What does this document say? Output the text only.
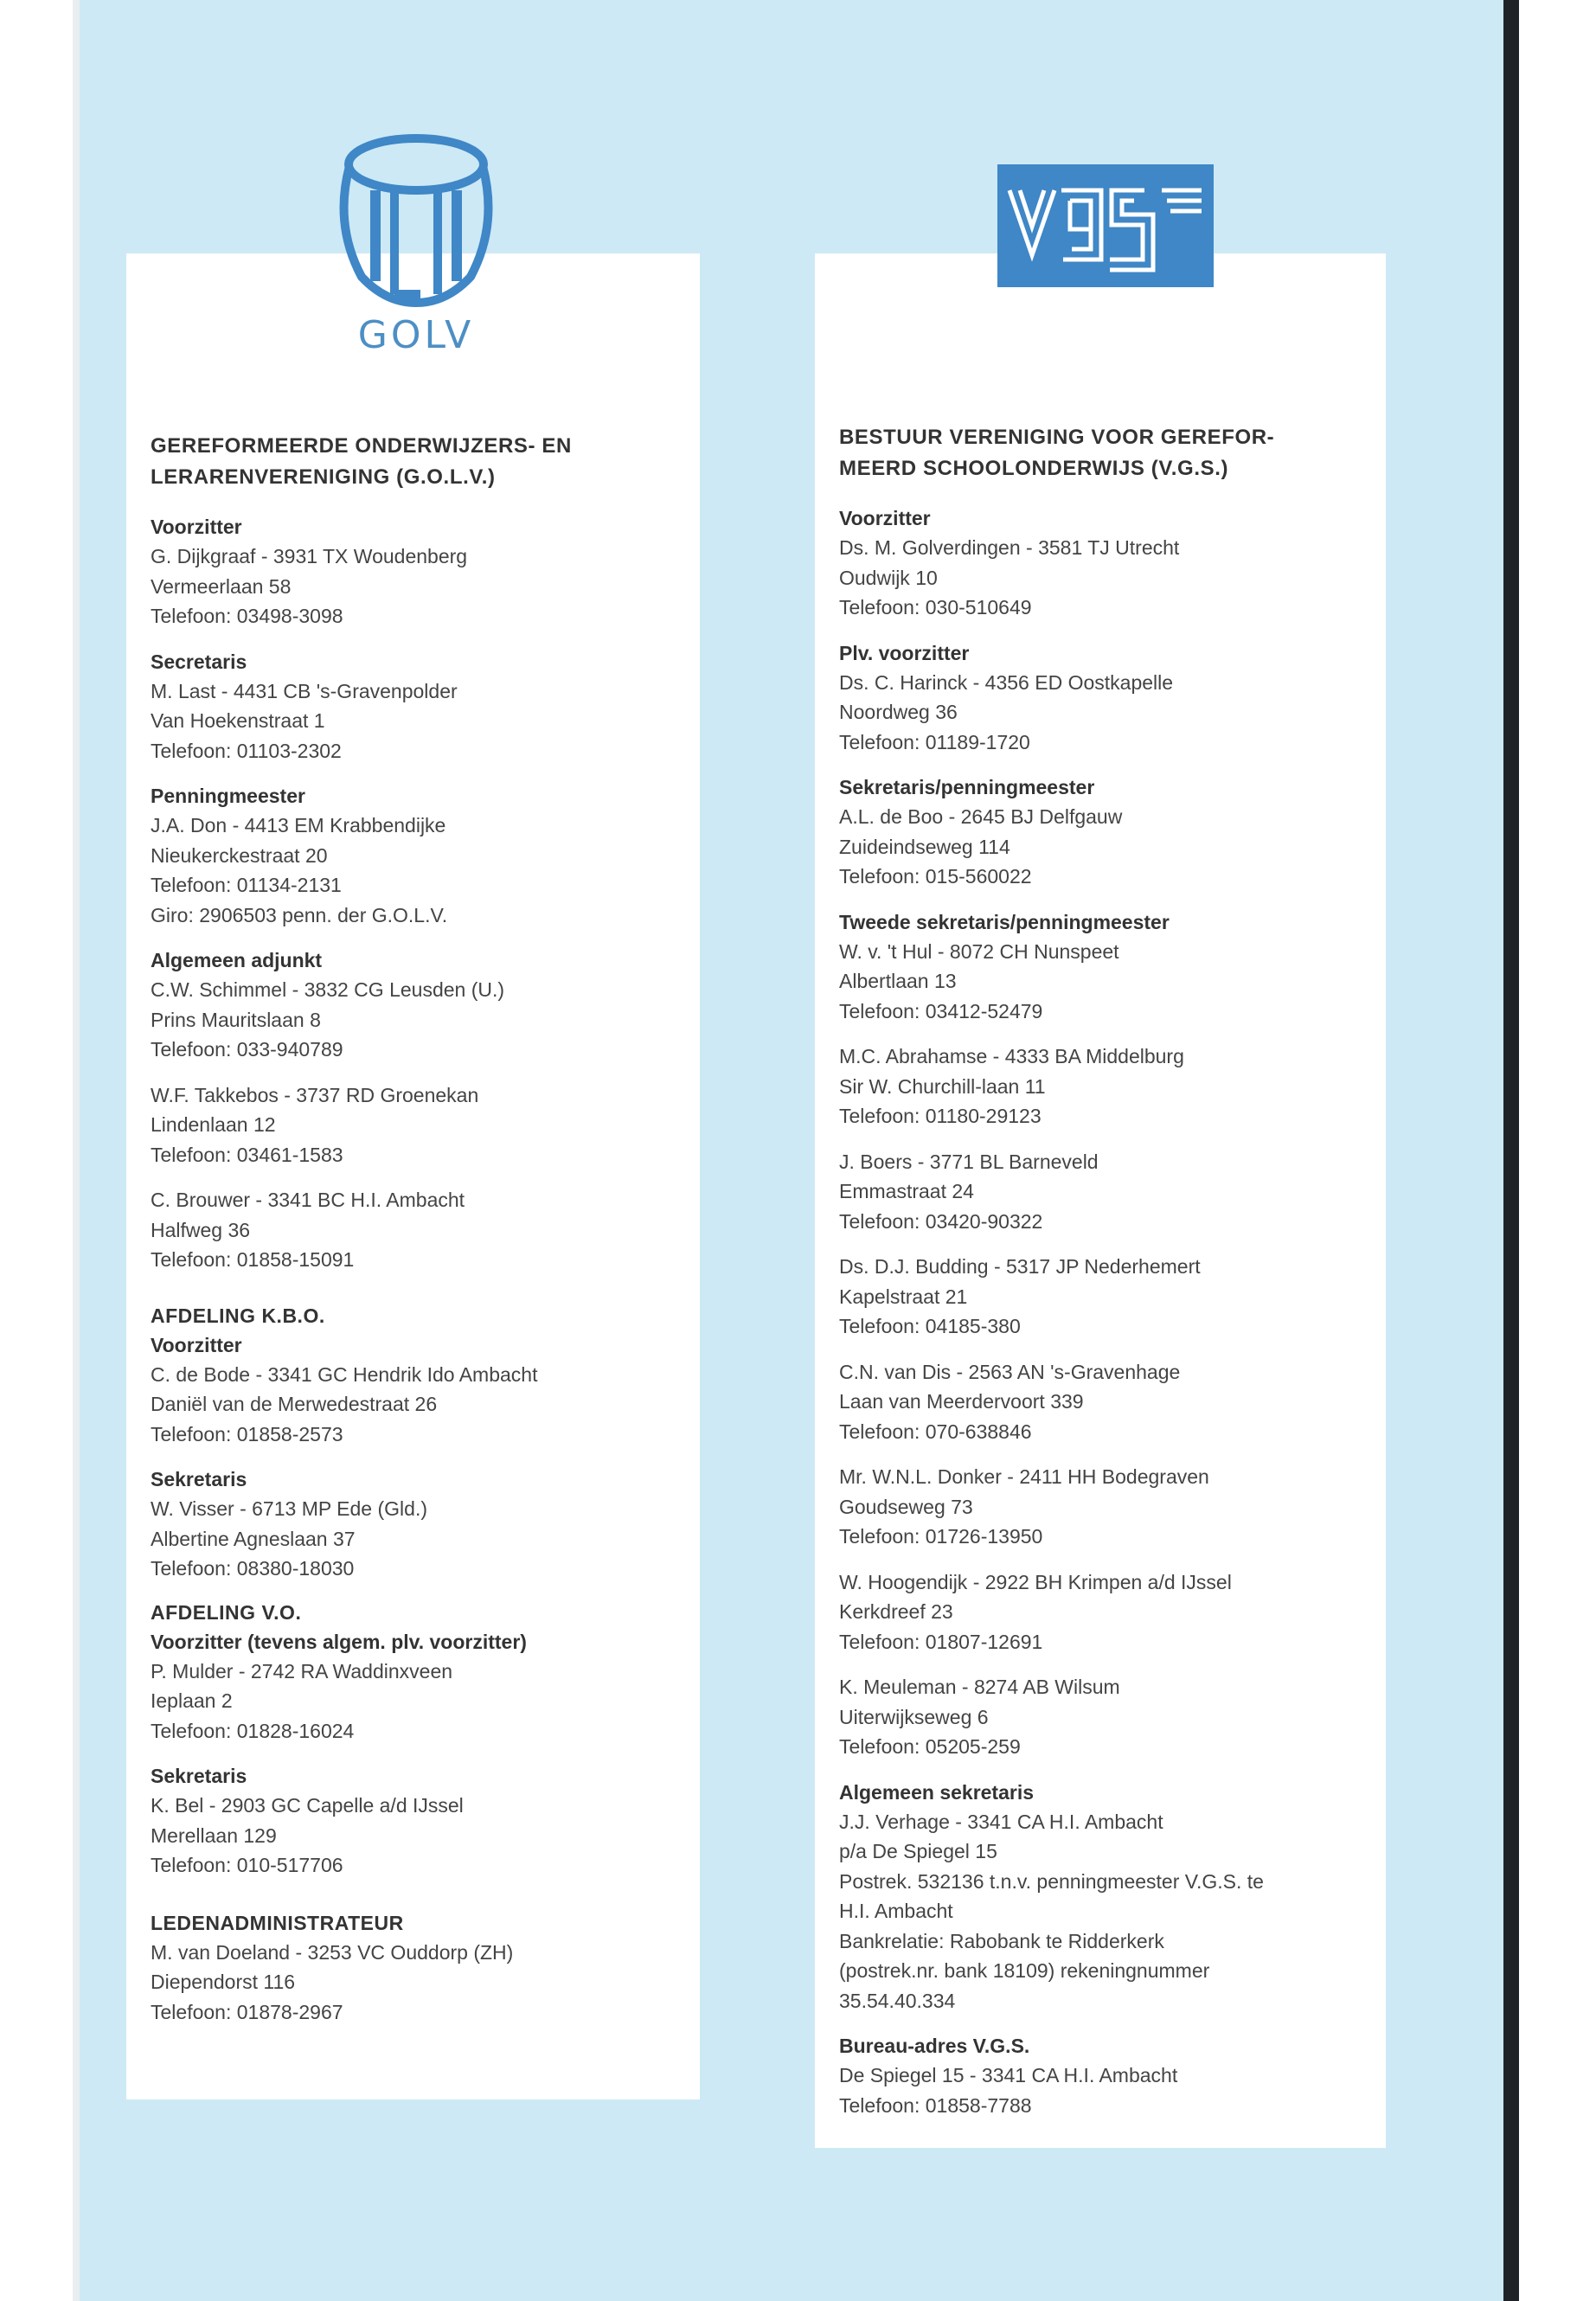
GEREFORMEERDE ONDERWIJZERS- EN

LERARENVERENIGING (G.O.L.V.)

Voorzitter
G. Dijkgraaf - 3931 TX Woudenberg
Vermeerlaan 58
Telefoon: 03498-3098
Secretaris
M. Last - 4431 CB 's-Gravenpolder
Van Hoekenstraat 1
Telefoon: 01103-2302
Penningmeester
J.A. Don - 4413 EM Krabbendijke
Nieukerckestraat 20
Telefoon: 01134-2131
Giro: 2906503 penn. der G.O.L.V.
Algemeen adjunkt
C.W. Schimmel - 3832 CG Leusden (U.)
Prins Mauritslaan 8
Telefoon: 033-940789
W.F. Takkebos - 3737 RD Groenekan
Lindenlaan 12
Telefoon: 03461-1583
C. Brouwer - 3341 BC H.I. Ambacht
Halfweg 36
Telefoon: 01858-15091
AFDELING K.B.O.
Voorzitter
C. de Bode - 3341 GC Hendrik Ido Ambacht
Daniël van de Merwedestraat 26
Telefoon: 01858-2573
Sekretaris
W. Visser - 6713 MP Ede (Gld.)
Albertine Agneslaan 37
Telefoon: 08380-18030
AFDELING V.O.
Voorzitter (tevens algem. plv. voorzitter)
P. Mulder - 2742 RA Waddinxveen
Ieplaan 2
Telefoon: 01828-16024
Sekretaris
K. Bel - 2903 GC Capelle a/d IJssel
Merellaan 129
Telefoon: 010-517706
LEDENADMINISTRATEUR
M. van Doeland - 3253 VC Ouddorp (ZH)
Diependorst 116
Telefoon: 01878-2967

BESTUUR VERENIGING VOOR GEREFOR-

MEERD SCHOOLONDERWIJS (V.G.S.)

Voorzitter
Ds. M. Golverdingen - 3581 TJ Utrecht
Oudwijk 10
Telefoon: 030-510649
Plv. voorzitter
Ds. C. Harinck - 4356 ED Oostkapelle
Noordweg 36
Telefoon: 01189-1720
Sekretaris/penningmeester
A.L. de Boo - 2645 BJ Delfgauw
Zuideindseweg 114
Telefoon: 015-560022
Tweede sekretaris/penningmeester
W. v. 't Hul - 8072 CH Nunspeet
Albertlaan 13
Telefoon: 03412-52479
M.C. Abrahamse - 4333 BA Middelburg
Sir W. Churchill-laan 11
Telefoon: 01180-29123
J. Boers - 3771 BL Barneveld
Emmastraat 24
Telefoon: 03420-90322
Ds. D.J. Budding - 5317 JP Nederhemert
Kapelstraat 21
Telefoon: 04185-380
C.N. van Dis - 2563 AN 's-Gravenhage
Laan van Meerdervoort 339
Telefoon: 070-638846
Mr. W.N.L. Donker - 2411 HH Bodegraven
Goudseweg 73
Telefoon: 01726-13950
W. Hoogendijk - 2922 BH Krimpen a/d IJssel
Kerkdreef 23
Telefoon: 01807-12691
K. Meuleman - 8274 AB Wilsum
Uiterwijkseweg 6
Telefoon: 05205-259
Algemeen sekretaris
J.J. Verhage - 3341 CA H.I. Ambacht
p/a De Spiegel 15
Postrek. 532136 t.n.v. penningmeester V.G.S. te
H.I. Ambacht
Bankrelatie: Rabobank te Ridderkerk
(postrek.nr. bank 18109) rekeningnummer
35.54.40.334
Bureau-adres V.G.S.
De Spiegel 15 - 3341 CA H.I. Ambacht
Telefoon: 01858-7788
GOLV
